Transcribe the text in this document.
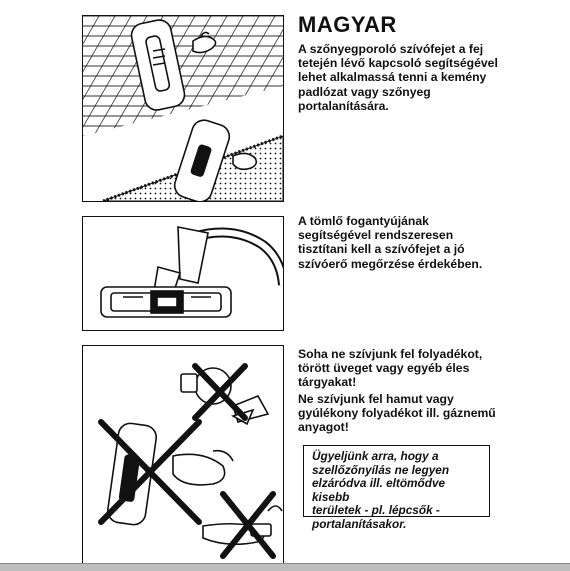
MAGYAR

A szőnyegporoló szívófejet a fej
tetején lévő kapcsoló segítségével
lehet alkalmassá tenni a kemény
padlózat vagy szőnyeg
portalanítására.

A tömlő fogantyújának
segítségével rendszeresen
tisztítani kell a szívófejet a jó
szívóerő megőrzése érdekében.

Soha ne szívjunk fel folyadékot,
törött üveget vagy egyéb éles
tárgyakat!

Ne szívjunk fel hamut vagy
gyúlékony folyadékot ill. gáznemű
anyagot!

Ügyeljünk arra, hogy a
szellőzőnyílás ne legyen
elzáródva ill. eltömődve kisebb
területek - pl. lépcsők -
portalanításakor.
